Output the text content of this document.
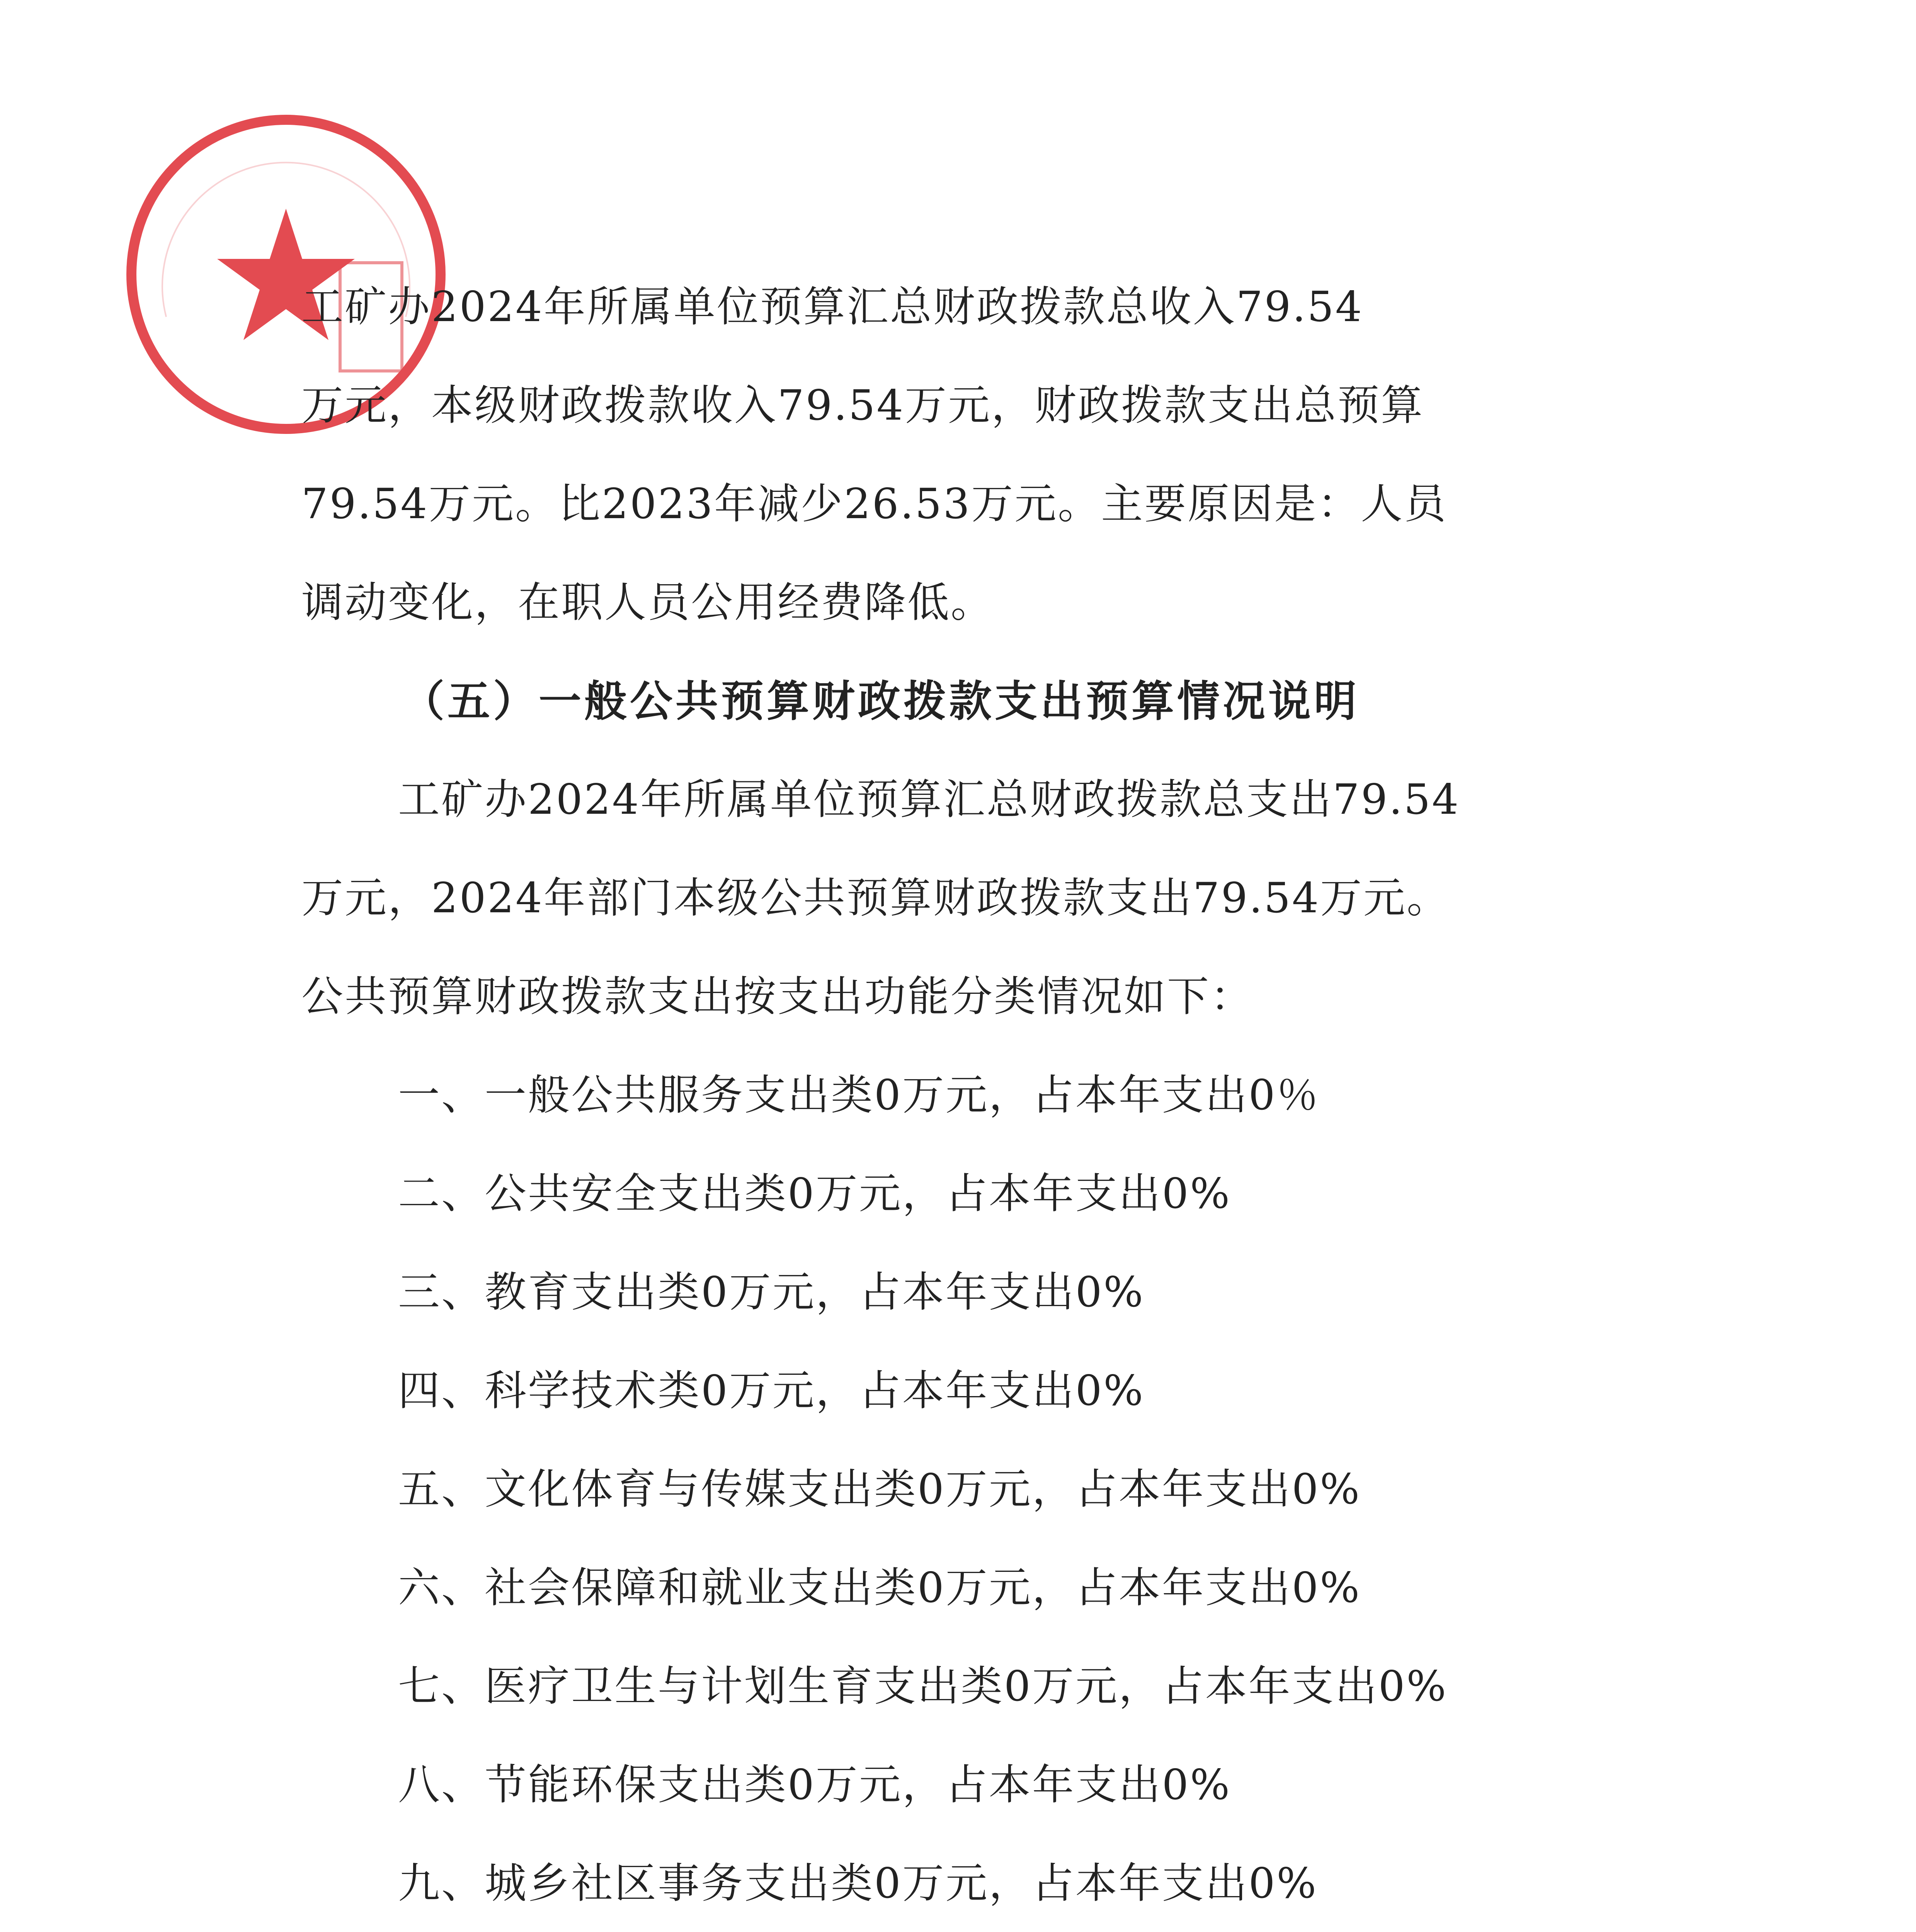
工矿办2024年所属单位预算汇总财政拨款总收入79.54
万元，本级财政拨款收入79.54万元，财政拨款支出总预算
79.54万元。比2023年减少26.53万元。主要原因是：人员
调动变化，在职人员公用经费降低。
（五）一般公共预算财政拨款支出预算情况说明
工矿办2024年所属单位预算汇总财政拨款总支出79.54
万元，2024年部门本级公共预算财政拨款支出79.54万元。
公共预算财政拨款支出按支出功能分类情况如下：
一、一般公共服务支出类0万元，占本年支出0％
二、公共安全支出类0万元，占本年支出0%
三、教育支出类0万元，占本年支出0%
四、科学技术类0万元，占本年支出0%
五、文化体育与传媒支出类0万元，占本年支出0%
六、社会保障和就业支出类0万元，占本年支出0%
七、医疗卫生与计划生育支出类0万元，占本年支出0%
八、节能环保支出类0万元，占本年支出0%
九、城乡社区事务支出类0万元，占本年支出0%
